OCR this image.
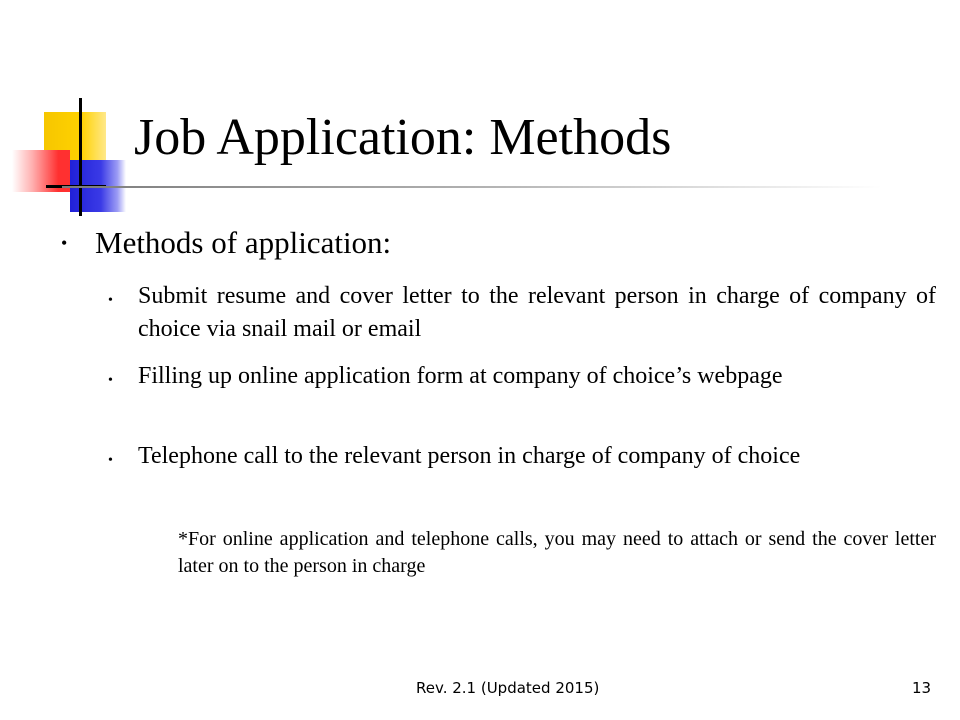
Job Application: Methods
• Methods of application:
• Submit resume and cover letter to the relevant person in charge of company of choice via snail mail or email
• Filling up online application form at company of choice’s webpage
• Telephone call to the relevant person in charge of company of choice
*For online application and telephone calls, you may need to attach or send the cover letter later on to the person in charge
Rev. 2.1 (Updated 2015)	13
